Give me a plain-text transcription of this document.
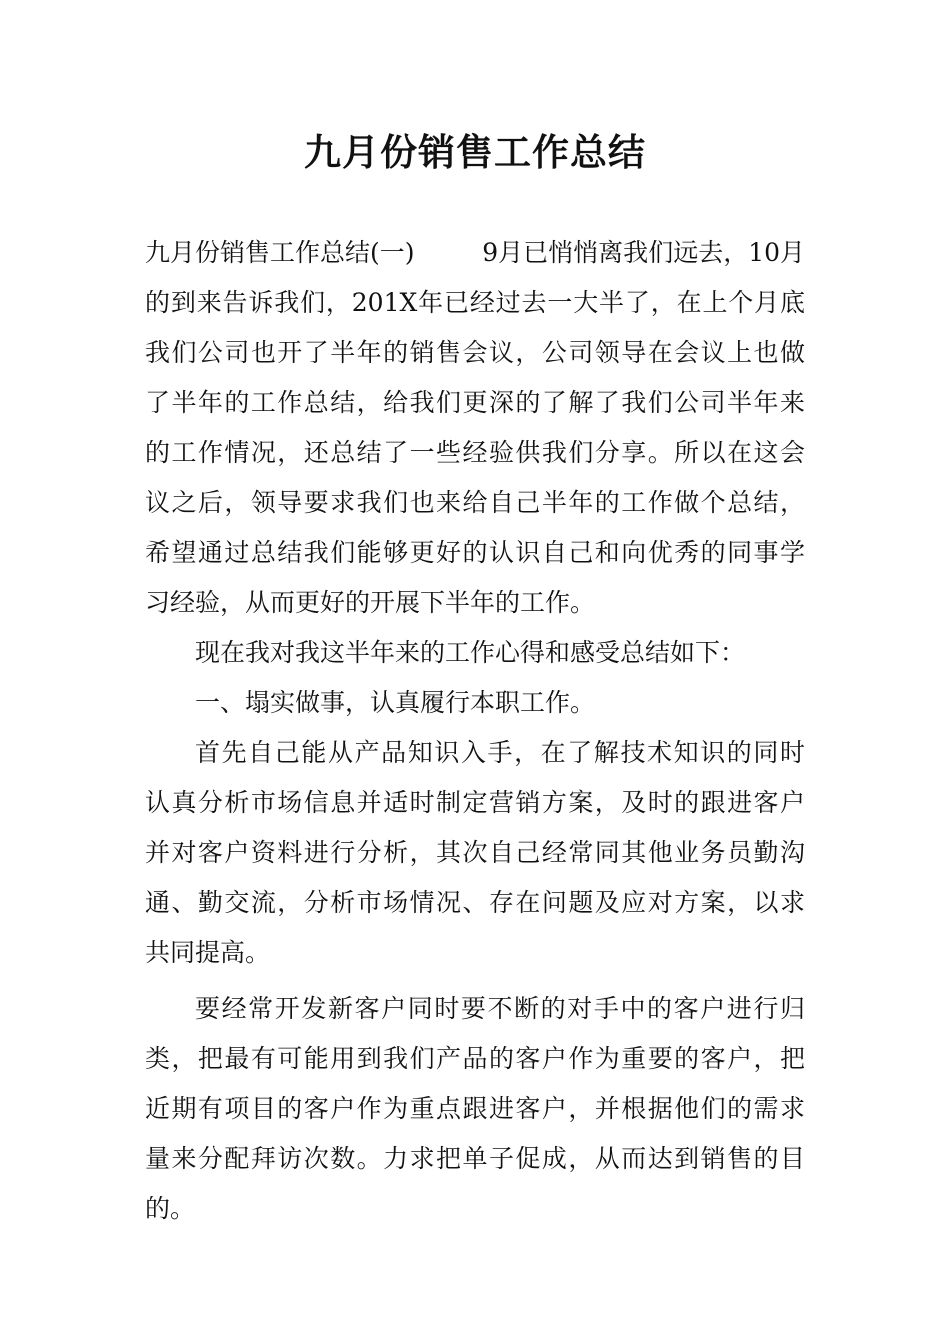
九月份销售工作总结
九月份销售工作总结(一)	9月已悄悄离我们远去，10月
的到来告诉我们，201X年已经过去一大半了，在上个月底
我们公司也开了半年的销售会议，公司领导在会议上也做
了半年的工作总结，给我们更深的了解了我们公司半年来
的工作情况，还总结了一些经验供我们分享。所以在这会
议之后，领导要求我们也来给自己半年的工作做个总结，
希望通过总结我们能够更好的认识自己和向优秀的同事学
习经验，从而更好的开展下半年的工作。
现在我对我这半年来的工作心得和感受总结如下：
一、塌实做事，认真履行本职工作。
首先自己能从产品知识入手，在了解技术知识的同时
认真分析市场信息并适时制定营销方案，及时的跟进客户
并对客户资料进行分析，其次自己经常同其他业务员勤沟
通、勤交流，分析市场情况、存在问题及应对方案，以求
共同提高。
要经常开发新客户同时要不断的对手中的客户进行归
类，把最有可能用到我们产品的客户作为重要的客户，把
近期有项目的客户作为重点跟进客户，并根据他们的需求
量来分配拜访次数。力求把单子促成，从而达到销售的目
的。
